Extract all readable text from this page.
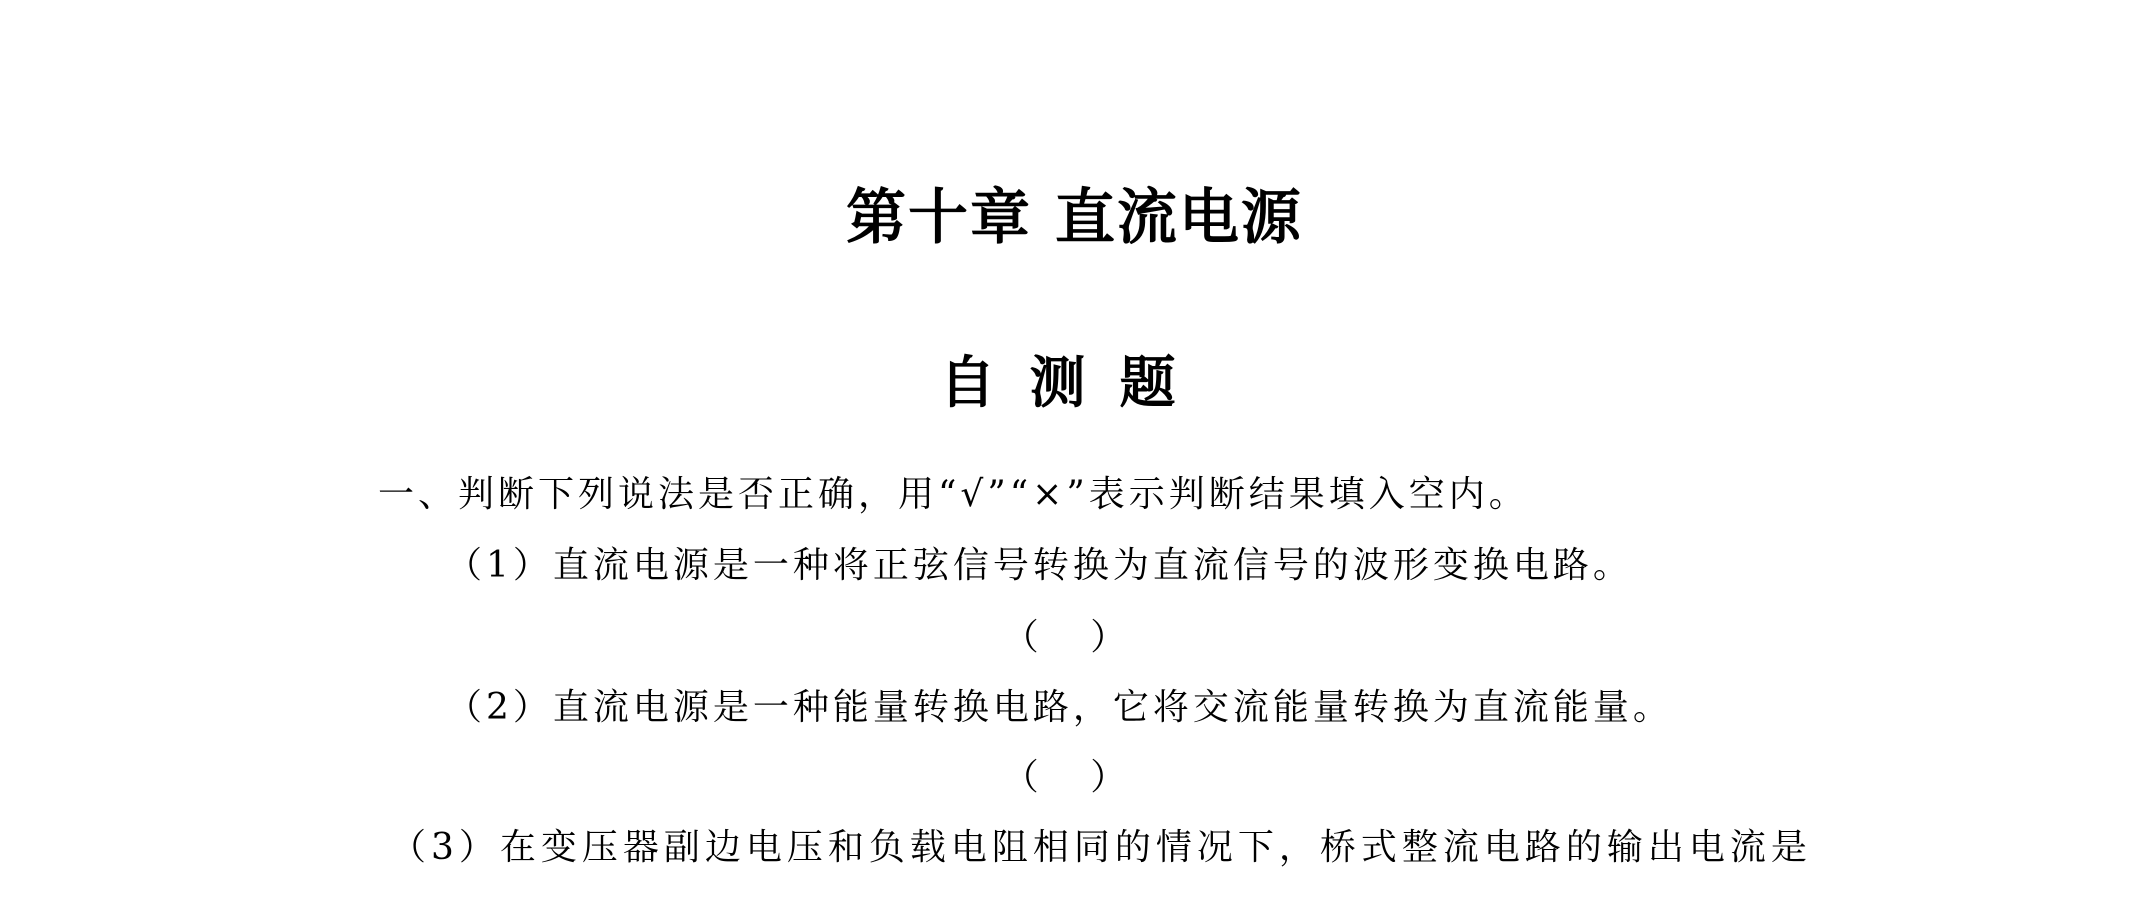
第十章 直流电源
自测题
一、判断下列说法是否正确，用“√”“×”表示判断结果填入空内。
（1）直流电源是一种将正弦信号转换为直流信号的波形变换电路。
（ ）
（2）直流电源是一种能量转换电路，它将交流能量转换为直流能量。
（ ）
（3）在变压器副边电压和负载电阻相同的情况下，桥式整流电路的输出电流是
